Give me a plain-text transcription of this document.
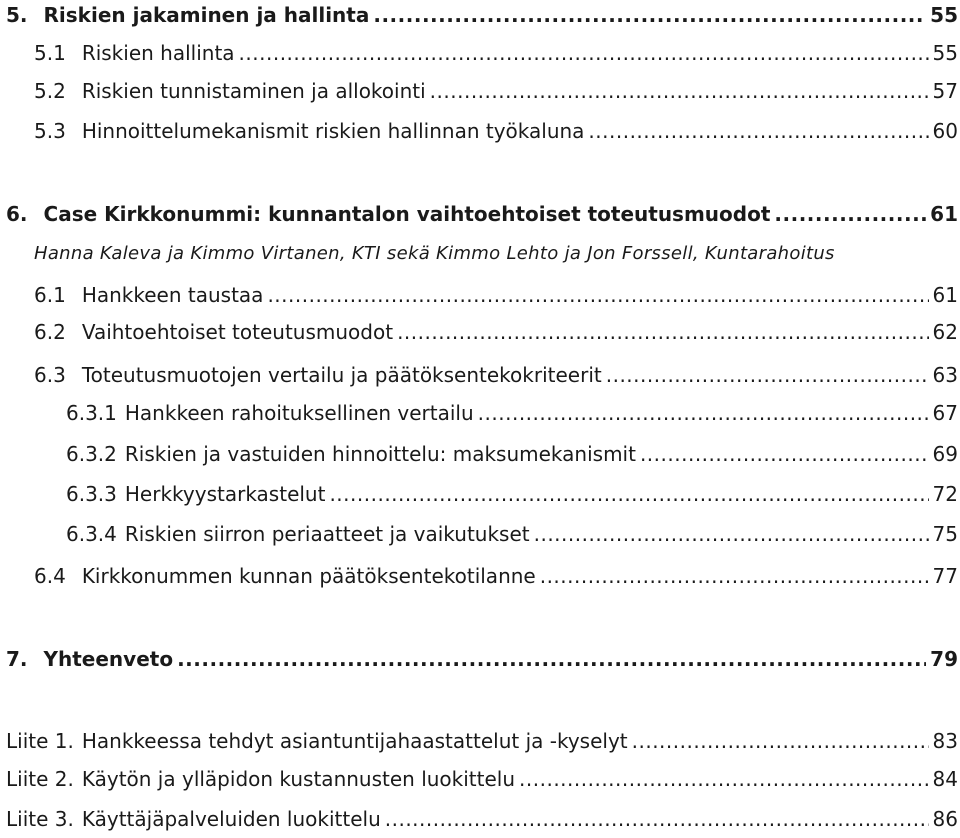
5. Riskien jakaminen ja hallinta .....	55
5.1 Riskien hallinta .....	55
5.2 Riskien tunnistaminen ja allokointi .....	57
5.3 Hinnoittelumekanismit riskien hallinnan työkaluna .....	60
6. Case Kirkkonummi: kunnantalon vaihtoehtoiset toteutusmuodot .....	61
Hanna Kaleva ja Kimmo Virtanen, KTI sekä Kimmo Lehto ja Jon Forssell, Kuntarahoitus
6.1 Hankkeen taustaa .....	61
6.2 Vaihtoehtoiset toteutusmuodot .....	62
6.3 Toteutusmuotojen vertailu ja päätöksentekokriteerit .....	63
6.3.1 Hankkeen rahoituksellinen vertailu .....	67
6.3.2 Riskien ja vastuiden hinnoittelu: maksumekanismit .....	69
6.3.3 Herkkyystarkastelut .....	72
6.3.4 Riskien siirron periaatteet ja vaikutukset .....	75
6.4 Kirkkonummen kunnan päätöksentekotilanne .....	77
7. Yhteenveto .....	79
Liite 1. Hankkeessa tehdyt asiantuntijahaastattelut ja -kyselyt .....	83
Liite 2. Käytön ja ylläpidon kustannusten luokittelu .....	84
Liite 3. Käyttäjäpalveluiden luokittelu .....	86
